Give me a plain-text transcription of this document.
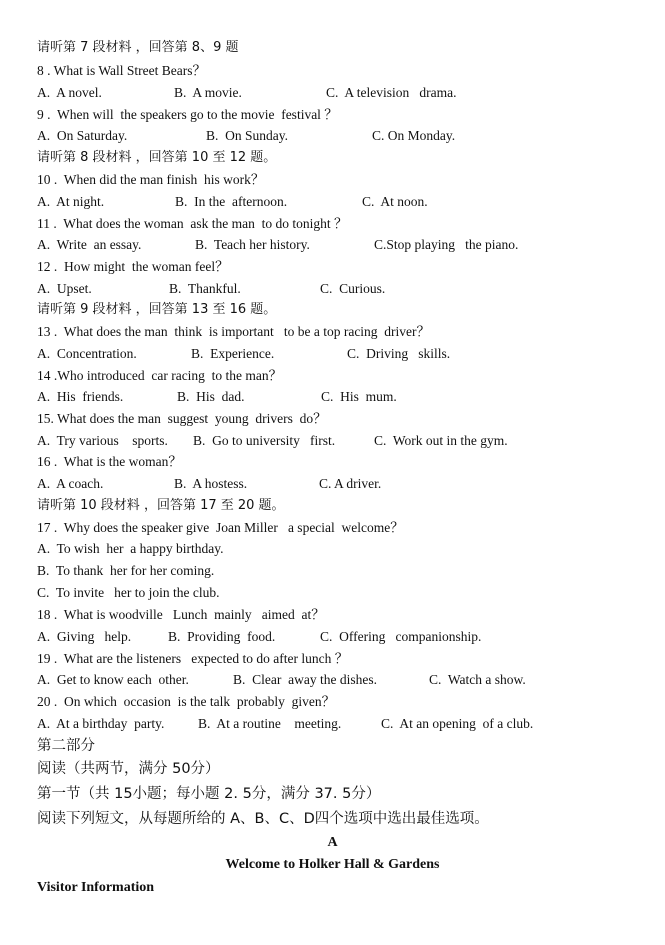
请听第 7 段材料 ，回答第 8、9 题
8 . What is Wall Street Bears？
A.  A novel.	B.  A movie.	C.  A television   drama.
9 .  When will  the speakers go to the movie  festival ？
A.  On Saturday.	B.  On Sunday.	C. On Monday.
请听第 8 段材料 ，回答第 10 至 12 题。
10 .  When did the man finish  his work？
A.  At night.	B.  In the  afternoon.	C.  At noon.
11 .  What does the woman  ask the man  to do tonight ？
A.  Write  an essay.	B.  Teach her history.	C.Stop playing   the piano.
12 .  How might  the woman feel？
A.  Upset.	B.  Thankful.	C.  Curious.
请听第 9 段材料 ，回答第 13 至 16 题。
13 .  What does the man  think  is important   to be a top racing  driver？
A.  Concentration.	B.  Experience.	C.  Driving   skills.
14 .Who introduced  car racing  to the man？
A.  His  friends.	B.  His  dad.	C.  His  mum.
15. What does the man  suggest  young  drivers  do？
A.  Try various    sports. B.  Go to university   first.	C.  Work out in the gym.
16 .  What is the woman？
A.  A coach.	B.  A hostess.	C. A driver.
请听第 10 段材料 ，回答第 17 至 20 题。
17 .  Why does the speaker give  Joan Miller   a special  welcome？
A.  To wish  her  a happy birthday.
B.  To thank  her for her coming.
C.  To invite   her to join the club.
18 .  What is woodville   Lunch  mainly   aimed  at？
A.  Giving   help.	B.  Providing  food.	C.  Offering   companionship.
19 .  What are the listeners   expected to do after lunch ？
A.  Get to know each  other.	B.  Clear  away the dishes.	C.  Watch a show.
20 .  On which  occasion  is the talk  probably  given？
A.  At a birthday  party. B.  At a routine    meeting.	C.  At an opening  of a club.
第二部分
阅读（共两节，满分 50分）
第一节（共 15小题；每小题 2. 5分，满分 37. 5分）
阅读下列短文，从每题所给的 A、B、C、D四个选项中选出最佳选项。
A
Welcome to Holker Hall & Gardens
Visitor Information
